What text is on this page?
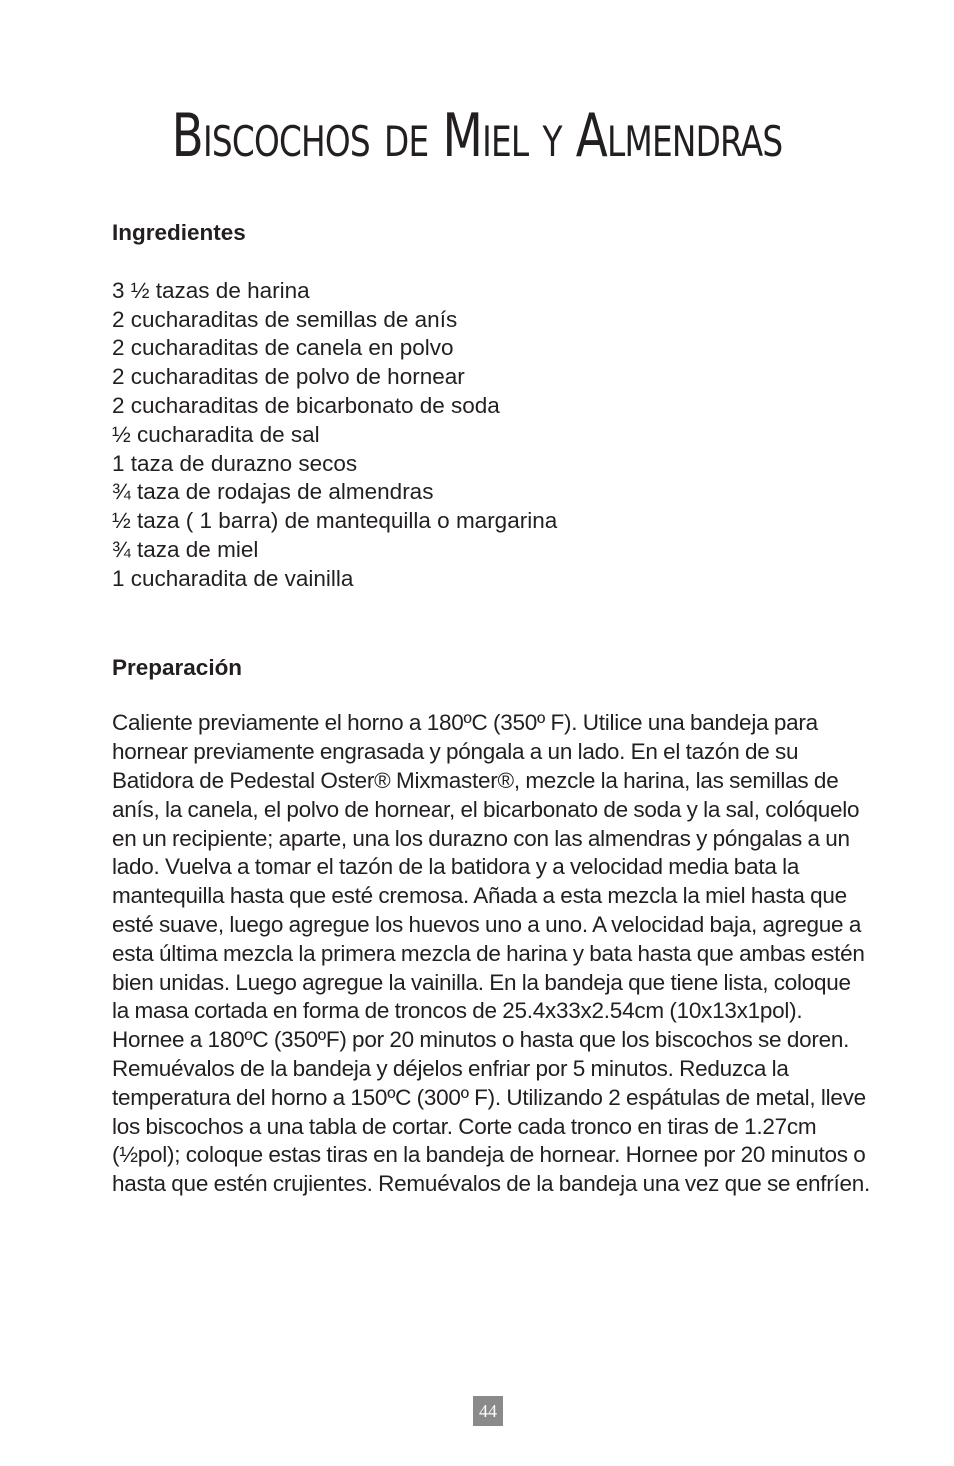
Biscochos de Miel y Almendras
Ingredientes
3 ½ tazas de harina
2 cucharaditas de semillas de anís
2 cucharaditas de canela en polvo
2 cucharaditas de polvo de hornear
2 cucharaditas de bicarbonato de soda
½ cucharadita de sal
1 taza de durazno secos
¾ taza de rodajas de almendras
½ taza ( 1 barra) de mantequilla o margarina
¾ taza de miel
1 cucharadita de vainilla
Preparación

Caliente previamente el horno a 180ºC (350º F). Utilice una bandeja para
hornear previamente engrasada y póngala a un lado. En el tazón de su
Batidora de Pedestal Oster® Mixmaster®, mezcle la harina, las semillas de
anís, la canela, el polvo de hornear, el bicarbonato de soda y la sal, colóquelo
en un recipiente; aparte, una los durazno con las almendras y póngalas a un
lado. Vuelva a tomar el tazón de la batidora y a velocidad media bata la
mantequilla hasta que esté cremosa. Añada a esta mezcla la miel hasta que
esté suave, luego agregue los huevos uno a uno. A velocidad baja, agregue a
esta última mezcla la primera mezcla de harina y bata hasta que ambas estén
bien unidas. Luego agregue la vainilla. En la bandeja que tiene lista, coloque
la masa cortada en forma de troncos de 25.4x33x2.54cm (10x13x1pol).
Hornee a 180ºC (350ºF) por 20 minutos o hasta que los biscochos se doren.
Remuévalos de la bandeja y déjelos enfriar por 5 minutos. Reduzca la
temperatura del horno a 150ºC (300º F). Utilizando 2 espátulas de metal, lleve
los biscochos a una tabla de cortar. Corte cada tronco en tiras de 1.27cm
(½pol); coloque estas tiras en la bandeja de hornear. Hornee por 20 minutos o
hasta que estén crujientes. Remuévalos de la bandeja una vez que se enfríen.

44
